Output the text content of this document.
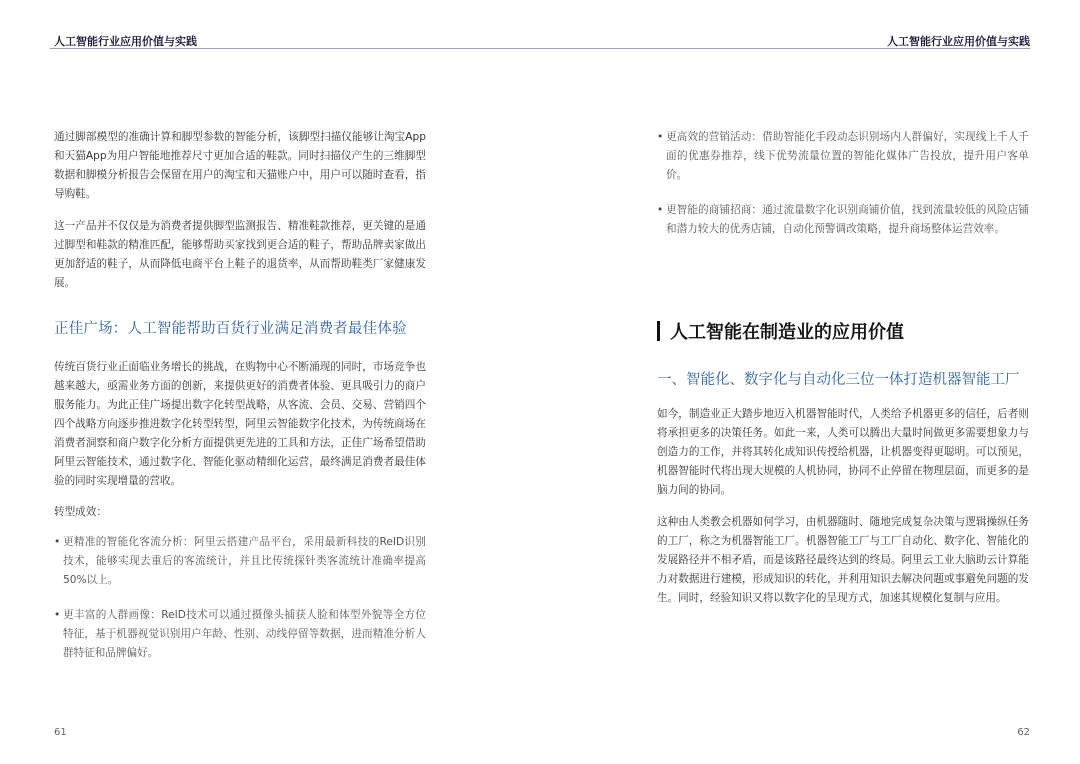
人工智能行业应用价值与实践	人工智能行业应用价值与实践

通过脚部模型的准确计算和脚型参数的智能分析，该脚型扫描仪能够让淘宝App和天猫App为用户智能地推荐尺寸更加合适的鞋款。同时扫描仪产生的三维脚型数据和脚模分析报告会保留在用户的淘宝和天猫账户中，用户可以随时查看，指导购鞋。

这一产品并不仅仅是为消费者提供脚型监测报告、精准鞋款推荐，更关键的是通过脚型和鞋款的精准匹配，能够帮助买家找到更合适的鞋子，帮助品牌卖家做出更加舒适的鞋子，从而降低电商平台上鞋子的退货率，从而帮助鞋类厂家健康发展。

正佳广场：人工智能帮助百货行业满足消费者最佳体验

传统百货行业正面临业务增长的挑战，在购物中心不断涌现的同时，市场竞争也越来越大，亟需业务方面的创新，来提供更好的消费者体验、更具吸引力的商户服务能力。为此正佳广场提出数字化转型战略，从客流、会员、交易、营销四个四个战略方向逐步推进数字化转型转型，阿里云智能数字化技术，为传统商场在消费者洞察和商户数字化分析方面提供更先进的工具和方法，正佳广场希望借助阿里云智能技术，通过数字化、智能化驱动精细化运营，最终满足消费者最佳体验的同时实现增量的营收。

转型成效：
• 更精准的智能化客流分析：阿里云搭建产品平台，采用最新科技的ReID识别技术，能够实现去重后的客流统计，并且比传统探针类客流统计准确率提高50%以上。
• 更丰富的人群画像：ReID技术可以通过摄像头捕获人脸和体型外貌等全方位特征，基于机器视觉识别用户年龄、性别、动线停留等数据，进而精准分析人群特征和品牌偏好。
61
• 更高效的营销活动：借助智能化手段动态识别场内人群偏好，实现线上千人千面的优惠券推荐，线下优势流量位置的智能化媒体广告投放，提升用户客单价。
• 更智能的商铺招商：通过流量数字化识别商铺价值，找到流量较低的风险店铺和潜力较大的优秀店铺，自动化预警调改策略，提升商场整体运营效率。
人工智能在制造业的应用价值
一、智能化、数字化与自动化三位一体打造机器智能工厂

如今，制造业正大踏步地迈入机器智能时代，人类给予机器更多的信任，后者则将承担更多的决策任务。如此一来，人类可以腾出大量时间做更多需要想象力与创造力的工作，并将其转化成知识传授给机器，让机器变得更聪明。可以预见，机器智能时代将出现大规模的人机协同，协同不止停留在物理层面，而更多的是脑力间的协同。

这种由人类教会机器如何学习，由机器随时、随地完成复杂决策与逻辑操纵任务的工厂，称之为机器智能工厂。机器智能工厂与工厂自动化、数字化、智能化的发展路径并不相矛盾，而是该路径最终达到的终局。阿里云工业大脑助云计算能力对数据进行建模，形成知识的转化，并利用知识去解决问题或事避免问题的发生。同时，经验知识又将以数字化的呈现方式，加速其规模化复制与应用。

62
